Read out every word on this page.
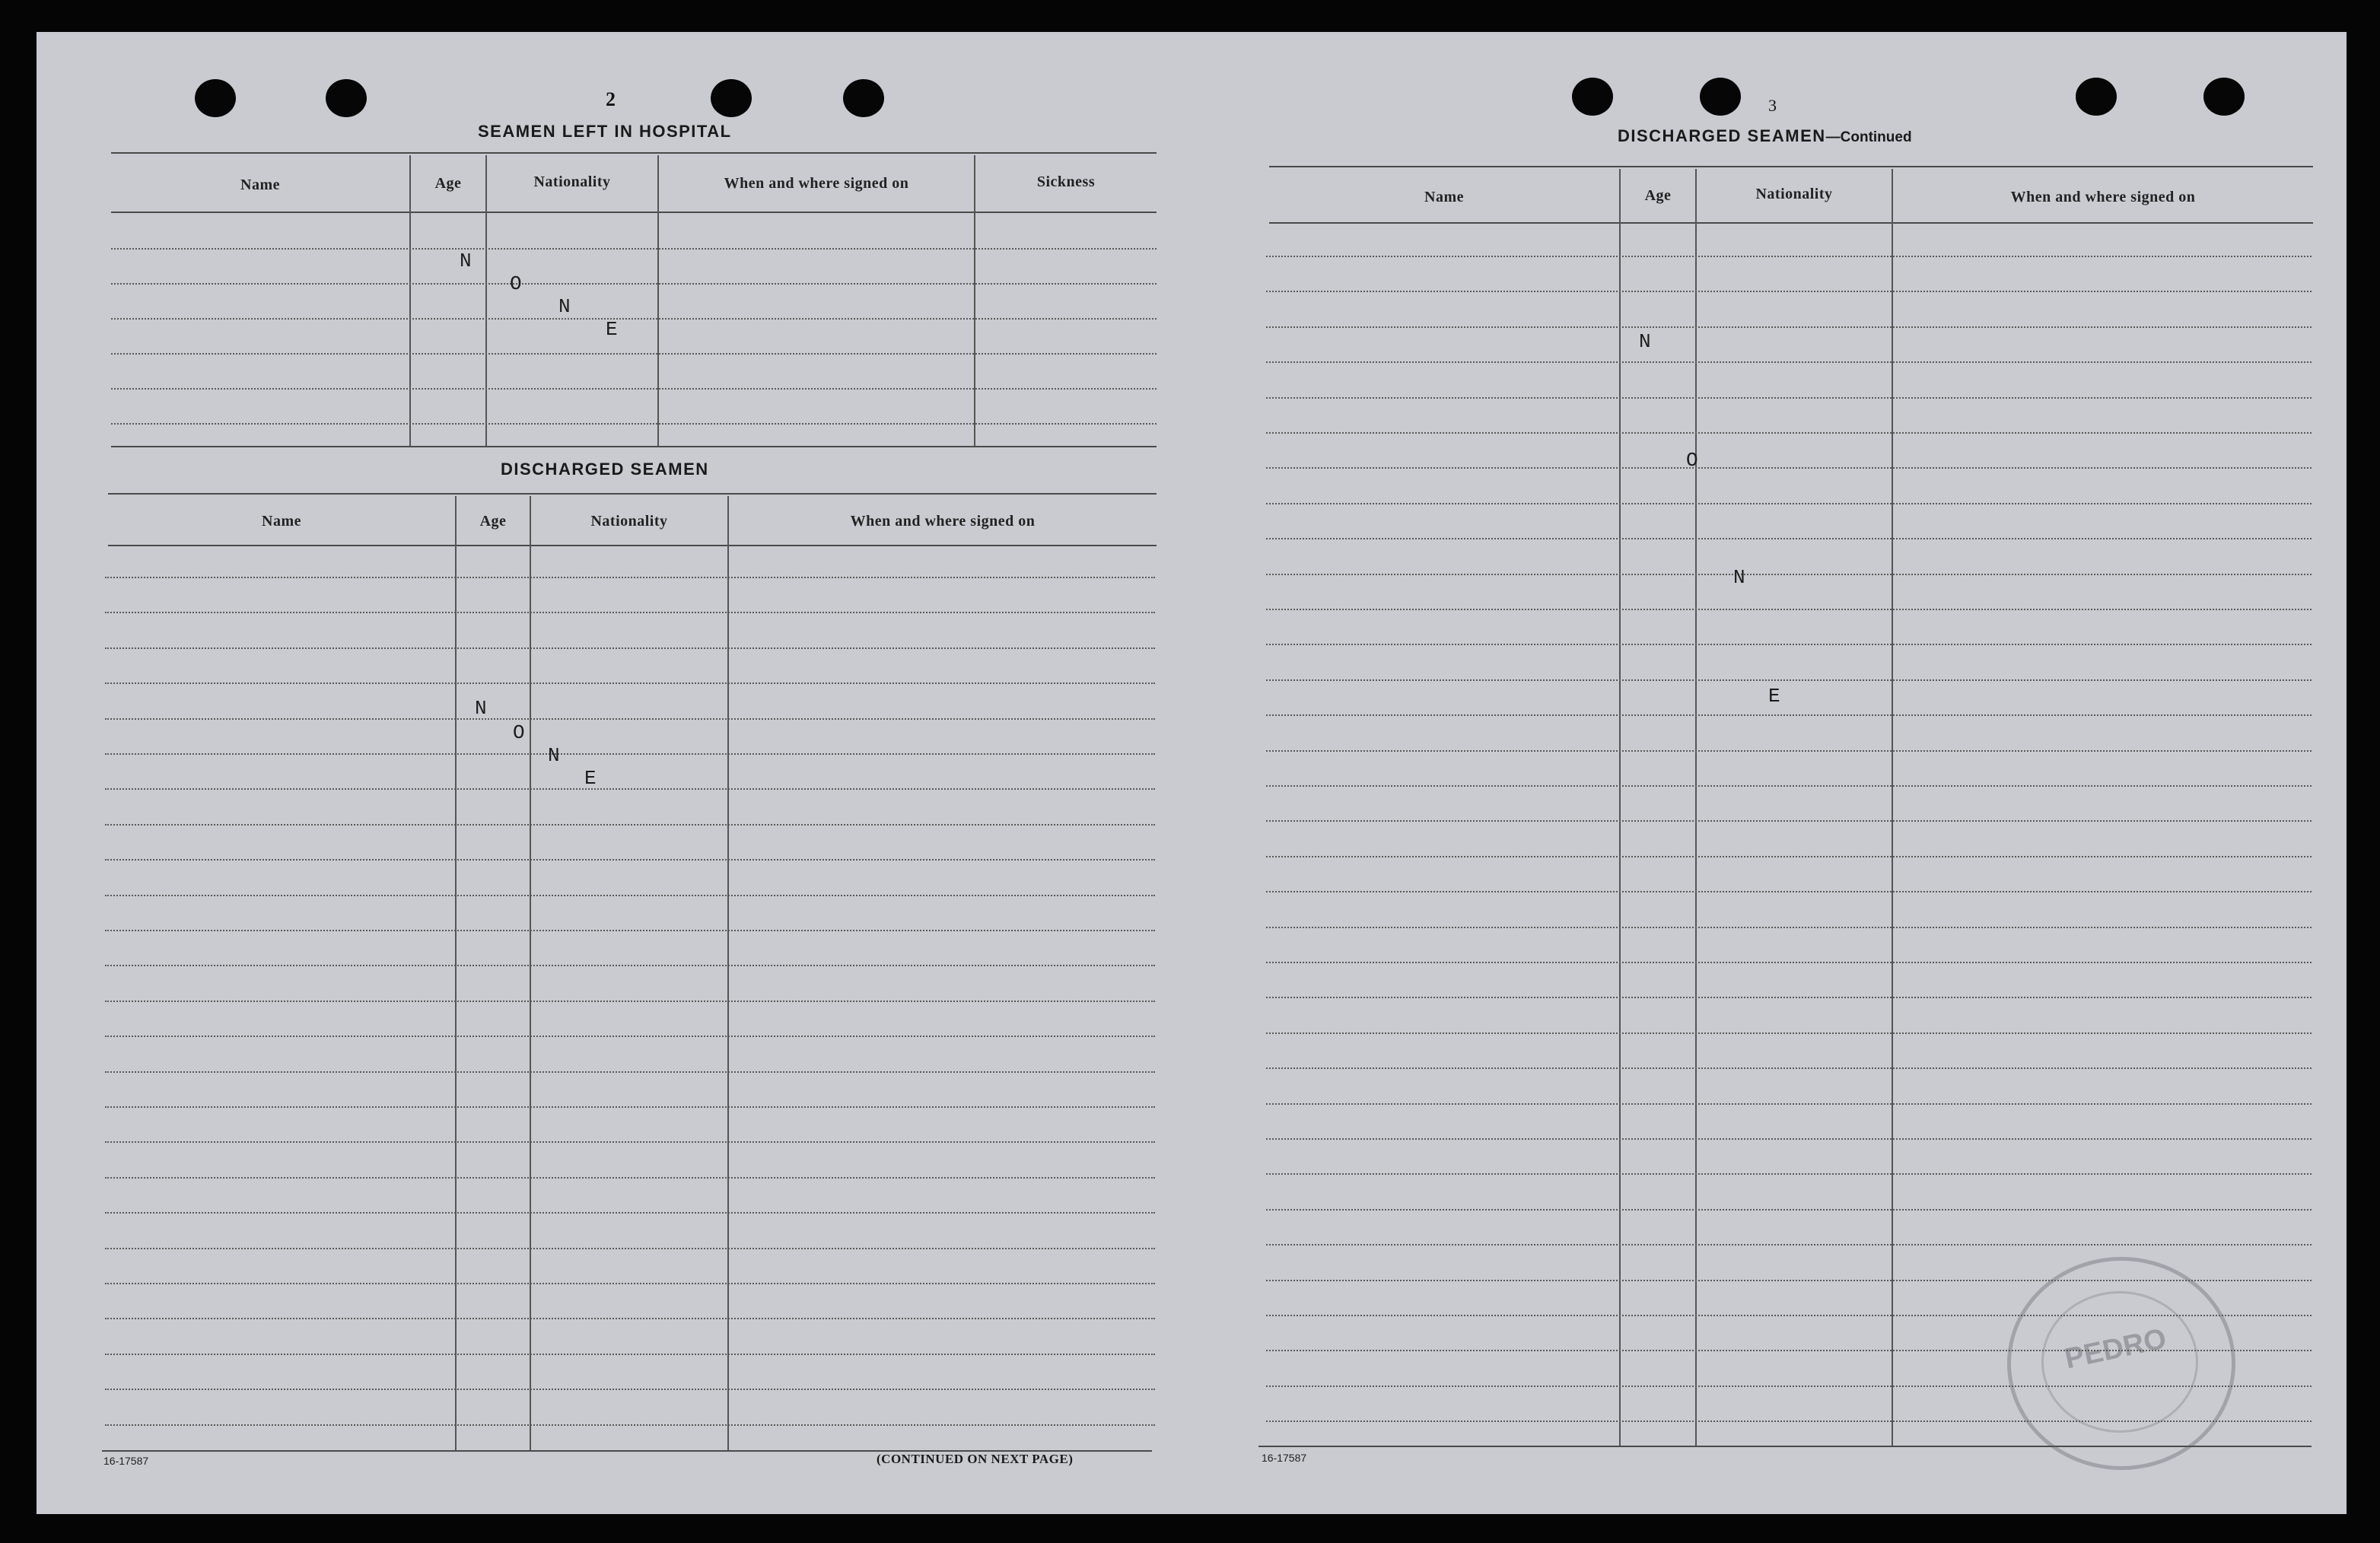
2
SEAMEN LEFT IN HOSPITAL
Name	Age	Nationality	When and where signed on	Sickness
N
O
N
E
DISCHARGED SEAMEN
Name	Age	Nationality	When and where signed on
N
O
N
E
16-17587	(CONTINUED ON NEXT PAGE)
3
DISCHARGED SEAMEN—Continued
Name	Age	Nationality	When and where signed on
N
O
N
E
16-17587
PEDRO
